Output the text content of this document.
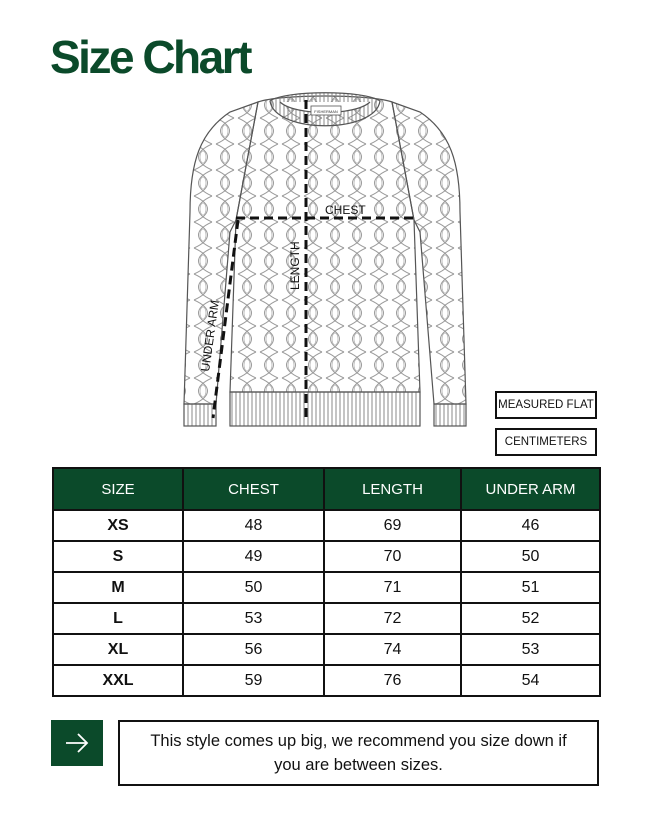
Size Chart
FISHERMAN
CHEST
LENGTH
UNDER ARM
MEASURED FLAT
CENTIMETERS
SIZE	CHEST	LENGTH	UNDER ARM
XS	48	69	46
S	49	70	50
M	50	71	51
L	53	72	52
XL	56	74	53
XXL	59	76	54
This style comes up big, we recommend you size down if you are between sizes.
